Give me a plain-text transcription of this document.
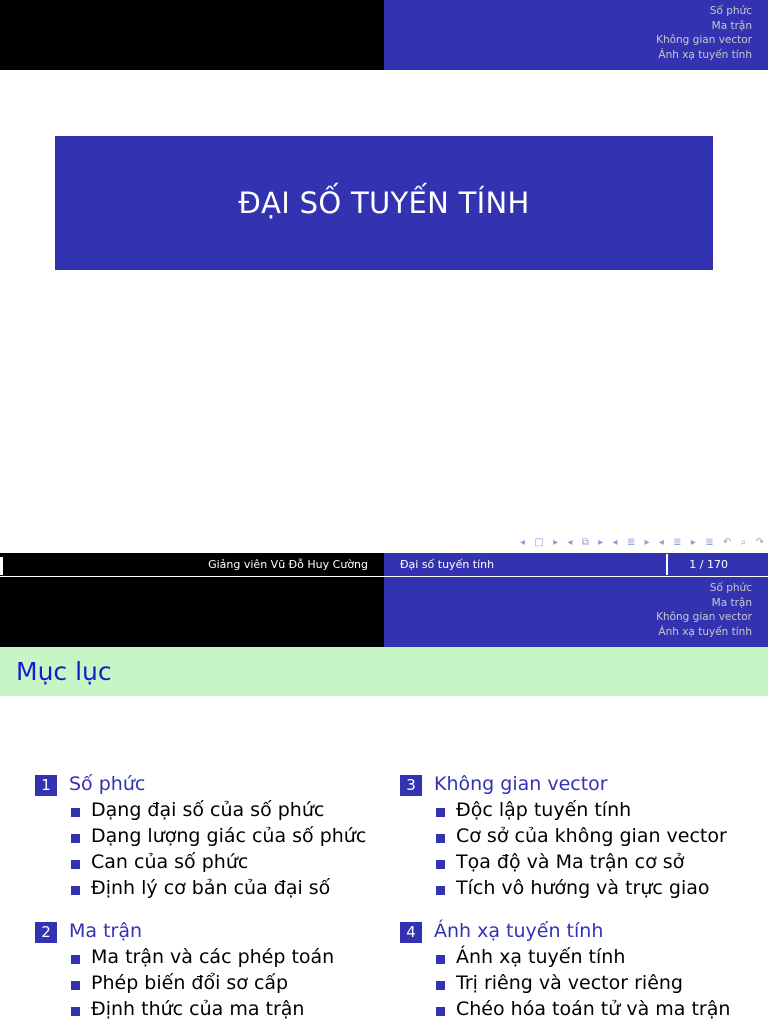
Số phức
Ma trận
Không gian vector
Ánh xạ tuyến tính
ĐẠI SỐ TUYẾN TÍNH
◂ □ ▸ ◂ ⧉ ▸ ◂ ≣ ▸ ◂ ≣ ▸ ≣ ↶ ⌕ ↷
Giảng viên Vũ Đỗ Huy Cường	Đại số tuyến tính	1 / 170
Số phức
Ma trận
Không gian vector
Ánh xạ tuyến tính
Mục lục
1 Số phức
Dạng đại số của số phức
Dạng lượng giác của số phức
Can của số phức
Định lý cơ bản của đại số
2 Ma trận
Ma trận và các phép toán
Phép biến đổi sơ cấp
Định thức của ma trận
3 Không gian vector
Độc lập tuyến tính
Cơ sở của không gian vector
Tọa độ và Ma trận cơ sở
Tích vô hướng và trực giao
4 Ánh xạ tuyến tính
Ánh xạ tuyến tính
Trị riêng và vector riêng
Chéo hóa toán tử và ma trận
